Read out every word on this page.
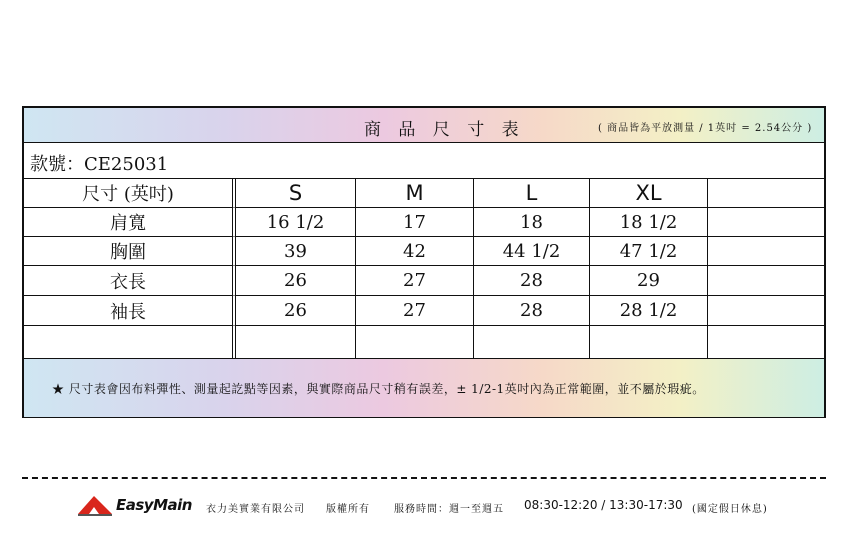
商 品 尺 寸 表	( 商品皆為平放測量 / 1英吋 = 2.54公分 )
款號：CE25031
尺寸 (英吋)	S	M	L	XL
肩寬	16 1/2	17	18	18 1/2
胸圍	39	42	44 1/2	47 1/2
衣長	26	27	28	29
袖長	26	27	28	28 1/2
★ 尺寸表會因布料彈性、測量起訖點等因素，與實際商品尺寸稍有誤差，± 1/2-1英吋內為正常範圍，並不屬於瑕疵。
EasyMain 衣力美實業有限公司 版權所有 服務時間：週一至週五 08:30-12:20 / 13:30-17:30 (國定假日休息)
